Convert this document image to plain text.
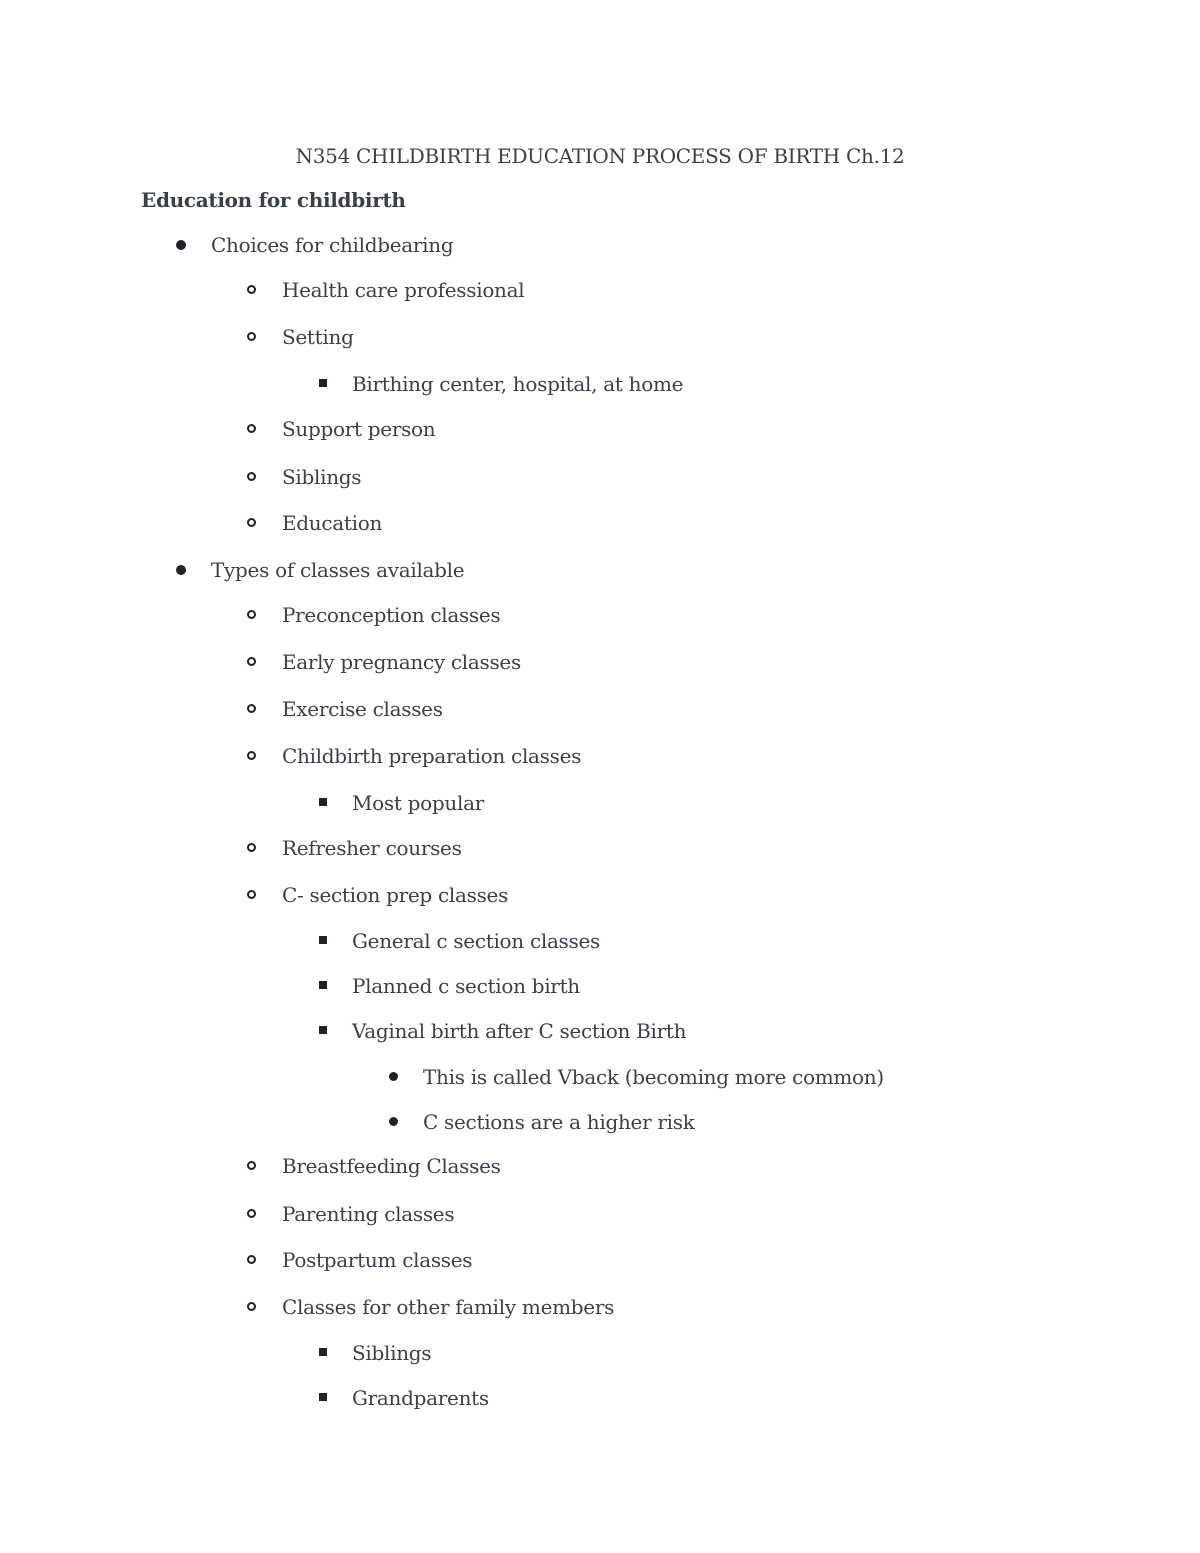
N354 CHILDBIRTH EDUCATION PROCESS OF BIRTH Ch.12
Education for childbirth
Choices for childbearing
Health care professional
Setting
Birthing center, hospital, at home
Support person
Siblings
Education
Types of classes available
Preconception classes
Early pregnancy classes
Exercise classes
Childbirth preparation classes
Most popular
Refresher courses
C- section prep classes
General c section classes
Planned c section birth
Vaginal birth after C section Birth
This is called Vback (becoming more common)
C sections are a higher risk
Breastfeeding Classes
Parenting classes
Postpartum classes
Classes for other family members
Siblings
Grandparents
